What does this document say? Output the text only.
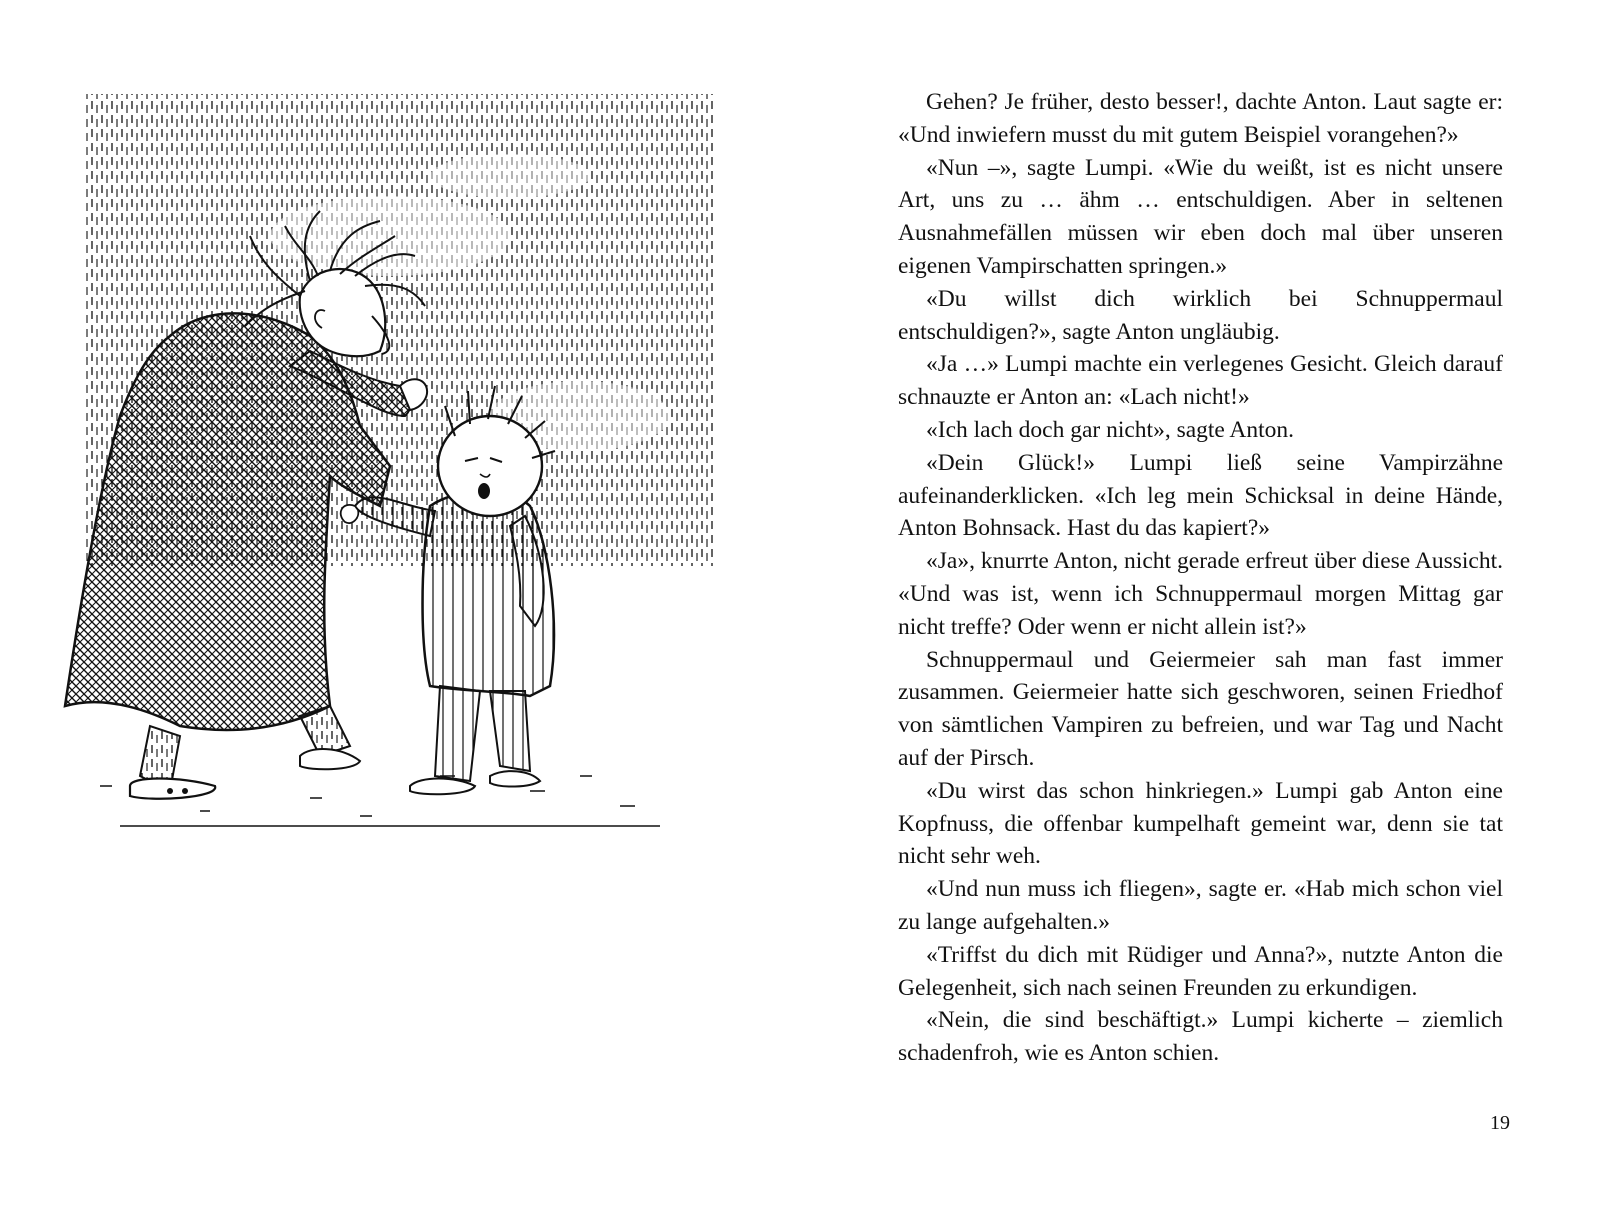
Gehen? Je früher, desto besser!, dachte Anton. Laut sagte er: «Und inwiefern musst du mit gutem Beispiel vorangehen?»

«Nun –», sagte Lumpi. «Wie du weißt, ist es nicht unsere Art, uns zu … ähm … entschuldigen. Aber in seltenen Ausnahmefällen müssen wir eben doch mal über unseren eigenen Vampirschatten springen.»

«Du willst dich wirklich bei Schnuppermaul entschuldigen?», sagte Anton ungläubig.

«Ja …» Lumpi machte ein verlegenes Gesicht. Gleich darauf schnauzte er Anton an: «Lach nicht!»

«Ich lach doch gar nicht», sagte Anton.

«Dein Glück!» Lumpi ließ seine Vampirzähne aufeinanderklicken. «Ich leg mein Schicksal in deine Hände, Anton Bohnsack. Hast du das kapiert?»

«Ja», knurrte Anton, nicht gerade erfreut über diese Aussicht. «Und was ist, wenn ich Schnuppermaul morgen Mittag gar nicht treffe? Oder wenn er nicht allein ist?»

Schnuppermaul und Geiermeier sah man fast immer zusammen. Geiermeier hatte sich geschworen, seinen Friedhof von sämtlichen Vampiren zu befreien, und war Tag und Nacht auf der Pirsch.

«Du wirst das schon hinkriegen.» Lumpi gab Anton eine Kopfnuss, die offenbar kumpelhaft gemeint war, denn sie tat nicht sehr weh.

«Und nun muss ich fliegen», sagte er. «Hab mich schon viel zu lange aufgehalten.»

«Triffst du dich mit Rüdiger und Anna?», nutzte Anton die Gelegenheit, sich nach seinen Freunden zu erkundigen.

«Nein, die sind beschäftigt.» Lumpi kicherte – ziemlich schadenfroh, wie es Anton schien.

19
